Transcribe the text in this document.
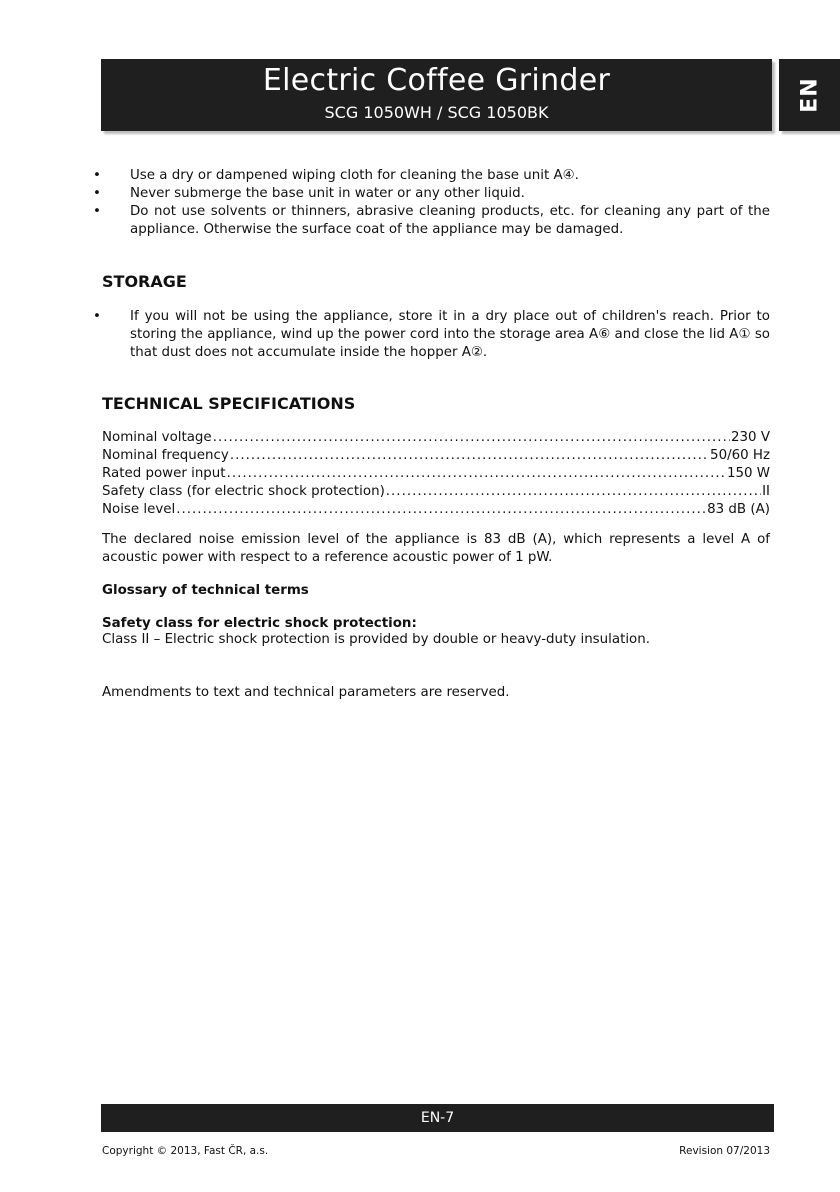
Electric Coffee Grinder
SCG 1050WH / SCG 1050BK	EN
• Use a dry or dampened wiping cloth for cleaning the base unit A④.
• Never submerge the base unit in water or any other liquid.
• Do not use solvents or thinners, abrasive cleaning products, etc. for cleaning any part of the appliance. Otherwise the surface coat of the appliance may be damaged.
STORAGE
• If you will not be using the appliance, store it in a dry place out of children's reach. Prior to storing the appliance, wind up the power cord into the storage area A⑥ and close the lid A① so that dust does not accumulate inside the hopper A②.
TECHNICAL SPECIFICATIONS
Nominal voltage .....	230 V
Nominal frequency .....	50/60 Hz
Rated power input .....	150 W
Safety class (for electric shock protection) .....	II
Noise level .....	83 dB (A)
The declared noise emission level of the appliance is 83 dB (A), which represents a level A of acoustic power with respect to a reference acoustic power of 1 pW.
Glossary of technical terms
Safety class for electric shock protection:
Class II – Electric shock protection is provided by double or heavy-duty insulation.
Amendments to text and technical parameters are reserved.
EN-7
Copyright © 2013, Fast ČR, a.s.	Revision 07/2013
